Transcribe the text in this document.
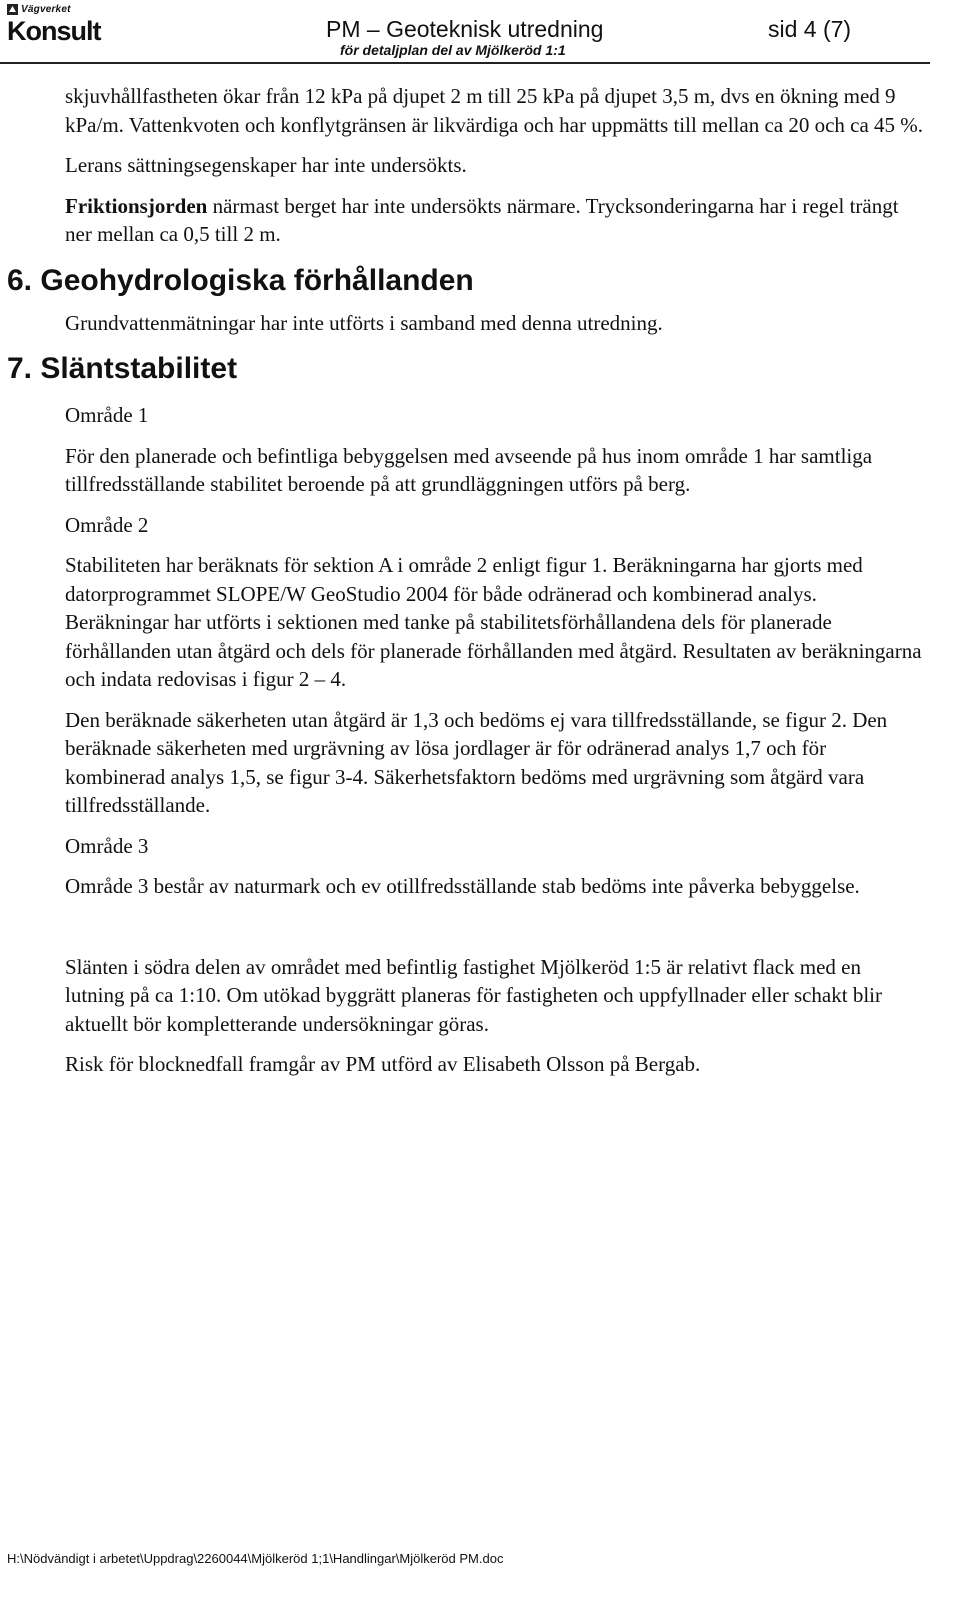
Vägverket
Konsult	PM – Geoteknisk utredning	sid 4 (7)
för detaljplan del av Mjölkeröd 1:1

skjuvhållfastheten ökar från 12 kPa på djupet 2 m till 25 kPa på djupet 3,5 m, dvs en ökning med 9 kPa/m. Vattenkvoten och konflytgränsen är likvärdiga och har uppmätts till mellan ca 20 och ca 45 %.

Lerans sättningsegenskaper har inte undersökts.

Friktionsjorden närmast berget har inte undersökts närmare. Trycksonderingarna har i regel trängt ner mellan ca 0,5 till 2 m.

6. Geohydrologiska förhållanden

Grundvattenmätningar har inte utförts i samband med denna utredning.

7. Släntstabilitet

Område 1

För den planerade och befintliga bebyggelsen med avseende på hus inom område 1 har samtliga tillfredsställande stabilitet beroende på att grundläggningen utförs på berg.

Område 2

Stabiliteten har beräknats för sektion A i område 2 enligt figur 1. Beräkningarna har gjorts med datorprogrammet SLOPE/W GeoStudio 2004 för både odränerad och kombinerad analys. Beräkningar har utförts i sektionen med tanke på stabilitetsförhållandena dels för planerade förhållanden utan åtgärd och dels för planerade förhållanden med åtgärd. Resultaten av beräkningarna och indata redovisas i figur 2 – 4.

Den beräknade säkerheten utan åtgärd är 1,3 och bedöms ej vara tillfredsställande, se figur 2. Den beräknade säkerheten med urgrävning av lösa jordlager är för odränerad analys 1,7 och för kombinerad analys 1,5, se figur 3-4. Säkerhetsfaktorn bedöms med urgrävning som åtgärd vara tillfredsställande.

Område 3

Område 3 består av naturmark och ev otillfredsställande stab bedöms inte påverka bebyggelse.

Slänten i södra delen av området med befintlig fastighet Mjölkeröd 1:5 är relativt flack med en lutning på ca 1:10. Om utökad byggrätt planeras för fastigheten och uppfyllnader eller schakt blir aktuellt bör kompletterande undersökningar göras.

Risk för blocknedfall framgår av PM utförd av Elisabeth Olsson på Bergab.

H:\Nödvändigt i arbetet\Uppdrag\2260044\Mjölkeröd 1;1\Handlingar\Mjölkeröd PM.doc
